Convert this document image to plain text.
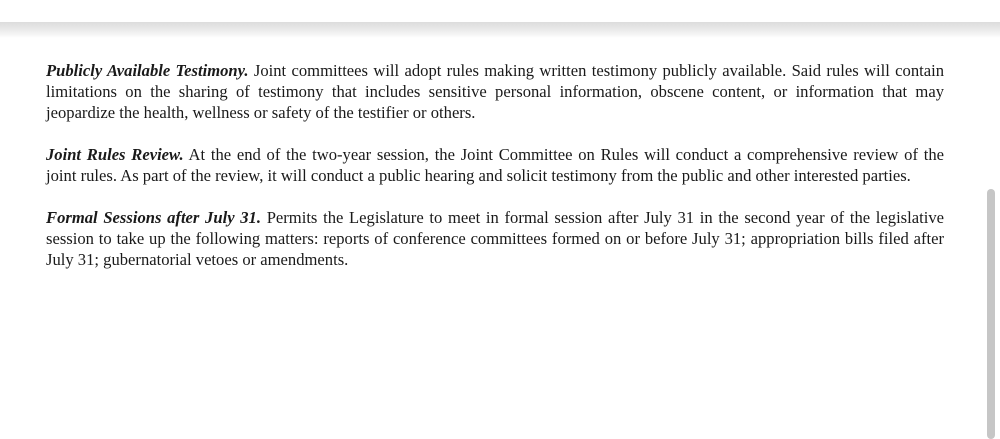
Publicly Available Testimony. Joint committees will adopt rules making written testimony publicly available. Said rules will contain limitations on the sharing of testimony that includes sensitive personal information, obscene content, or information that may jeopardize the health, wellness or safety of the testifier or others.

Joint Rules Review. At the end of the two-year session, the Joint Committee on Rules will conduct a comprehensive review of the joint rules. As part of the review, it will conduct a public hearing and solicit testimony from the public and other interested parties.

Formal Sessions after July 31. Permits the Legislature to meet in formal session after July 31 in the second year of the legislative session to take up the following matters: reports of conference committees formed on or before July 31; appropriation bills filed after July 31; gubernatorial vetoes or amendments.
